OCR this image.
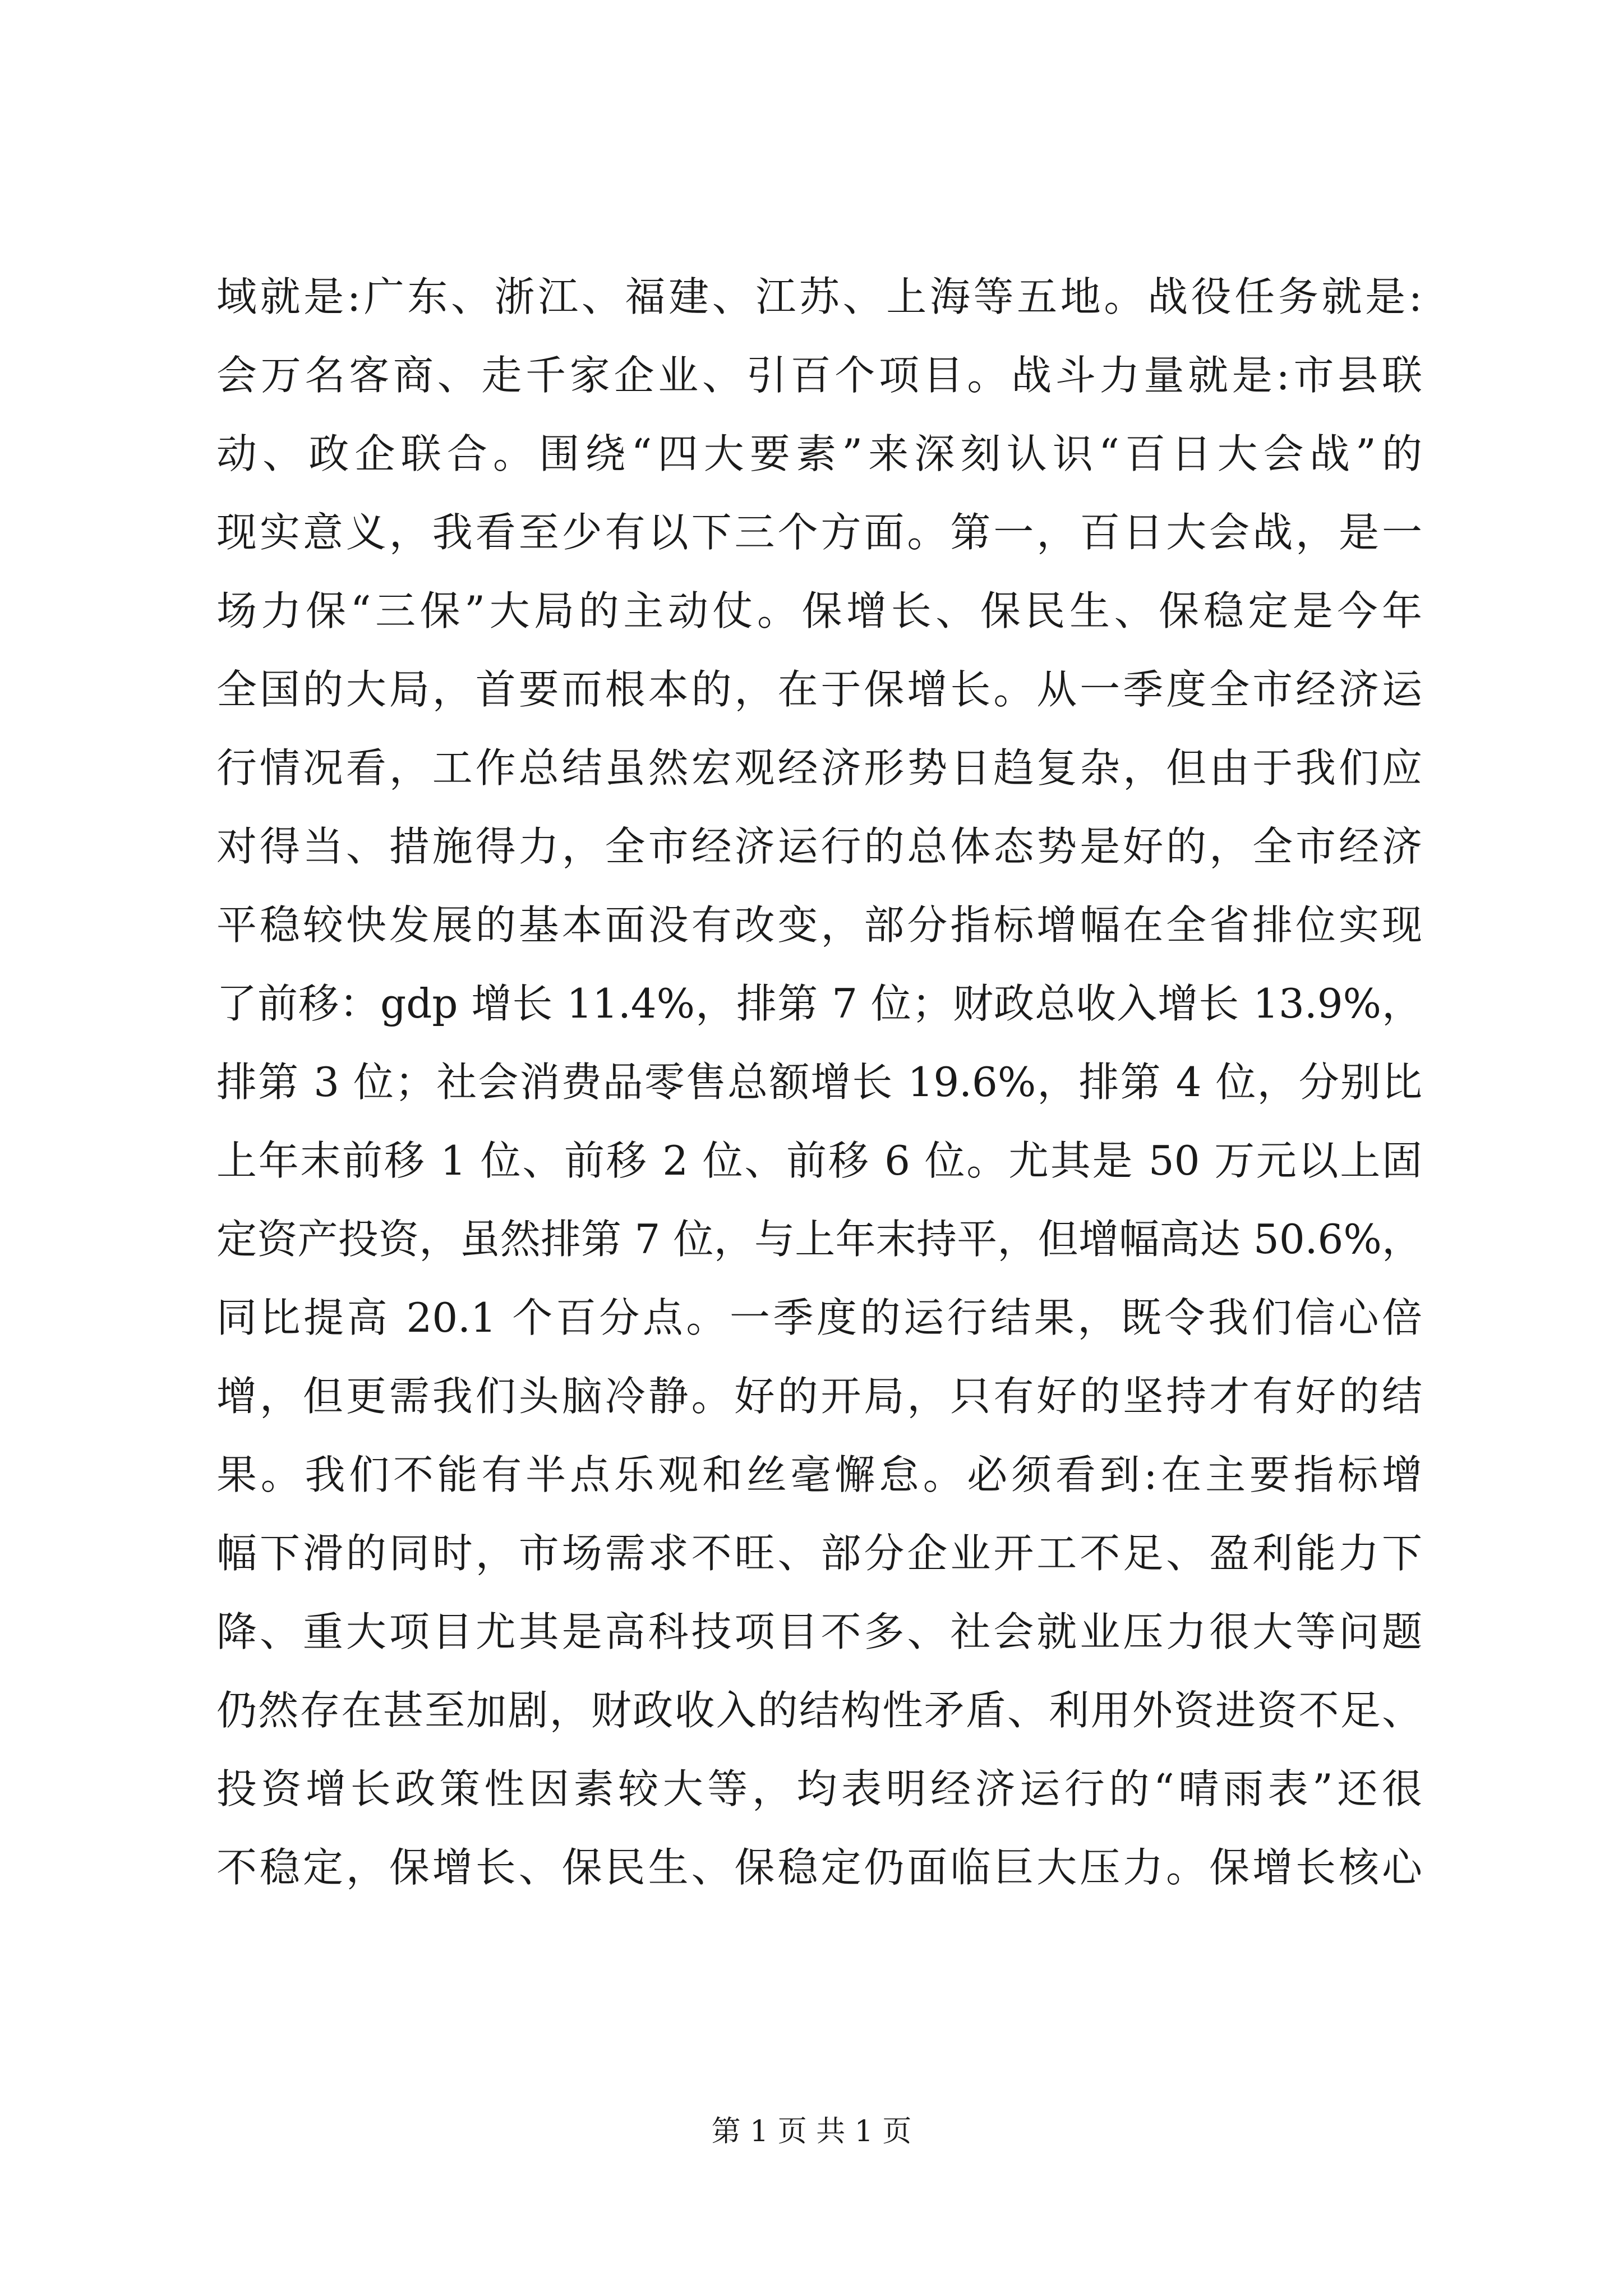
域就是:广东、浙江、福建、江苏、上海等五地。战役任务就是:
会万名客商、走千家企业、引百个项目。战斗力量就是:市县联
动、政企联合。围绕“四大要素”来深刻认识“百日大会战”的
现实意义，我看至少有以下三个方面。第一，百日大会战，是一
场力保“三保”大局的主动仗。保增长、保民生、保稳定是今年
全国的大局，首要而根本的，在于保增长。从一季度全市经济运
行情况看，工作总结虽然宏观经济形势日趋复杂，但由于我们应
对得当、措施得力，全市经济运行的总体态势是好的，全市经济
平稳较快发展的基本面没有改变，部分指标增幅在全省排位实现
了前移：gdp 增长 11.4%，排第 7 位；财政总收入增长 13.9%，
排第 3 位；社会消费品零售总额增长 19.6%，排第 4 位，分别比
上年末前移 1 位、前移 2 位、前移 6 位。尤其是 50 万元以上固
定资产投资，虽然排第 7 位，与上年末持平，但增幅高达 50.6%，
同比提高 20.1 个百分点。一季度的运行结果，既令我们信心倍
增，但更需我们头脑冷静。好的开局，只有好的坚持才有好的结
果。我们不能有半点乐观和丝毫懈怠。必须看到:在主要指标增
幅下滑的同时，市场需求不旺、部分企业开工不足、盈利能力下
降、重大项目尤其是高科技项目不多、社会就业压力很大等问题
仍然存在甚至加剧，财政收入的结构性矛盾、利用外资进资不足、
投资增长政策性因素较大等，均表明经济运行的“晴雨表”还很
不稳定，保增长、保民生、保稳定仍面临巨大压力。保增长核心
第 1 页 共 1 页
